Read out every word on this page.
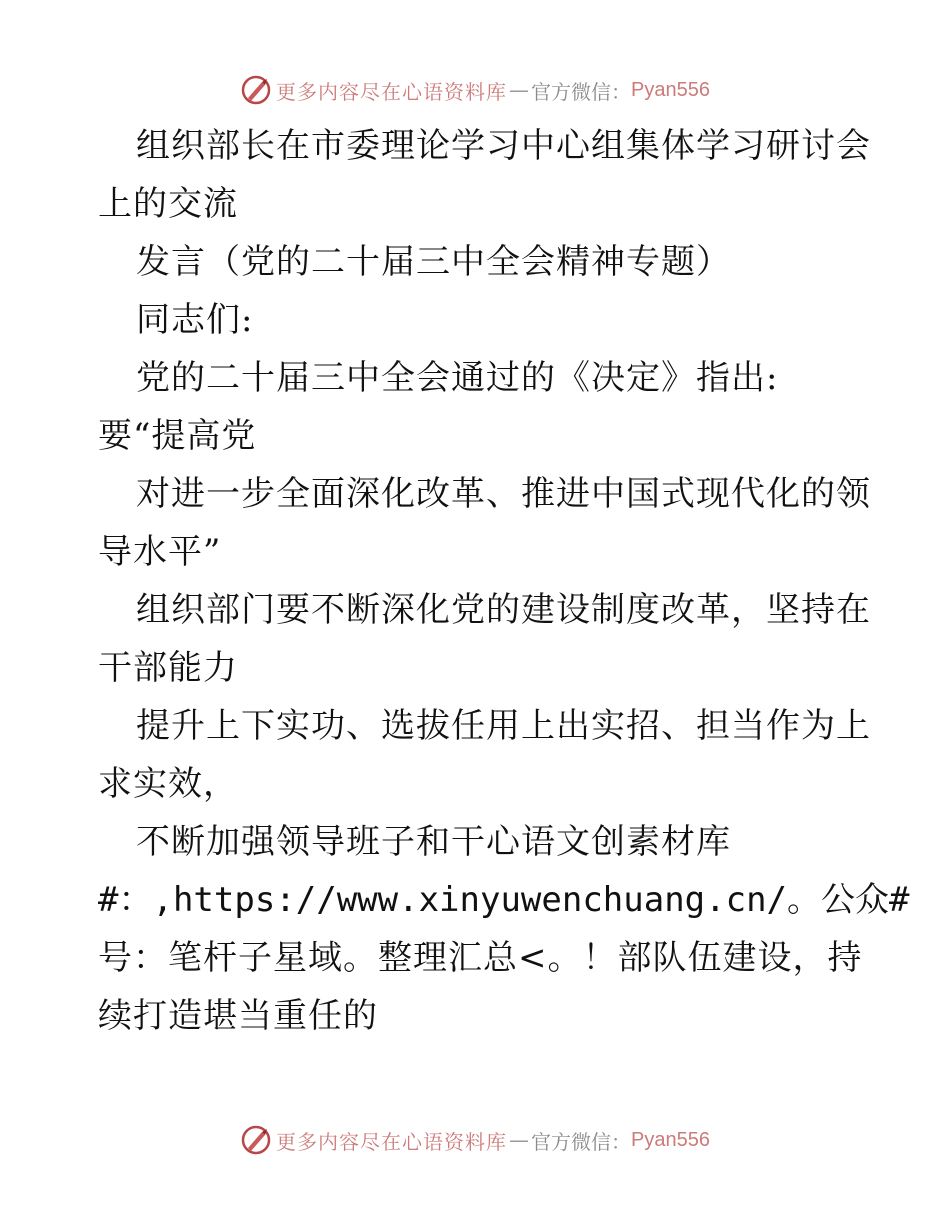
更多内容尽在心语资料库 — 官方微信： Pyan556
组织部长在市委理论学习中心组集体学习研讨会
上的交流
发言（党的二十届三中全会精神专题）
同志们:
党的二十届三中全会通过的《决定》指出:
要“提高党
对进一步全面深化改革、推进中国式现代化的领
导水平”
组织部门要不断深化党的建设制度改革，坚持在
干部能力
提升上下实功、选拔任用上出实招、担当作为上
求实效，
不断加强领导班子和干心语文创素材库
#：,https://www.xinyuwenchuang.cn/。公众#
号：笔杆子星域。整理汇总<。！部队伍建设，持
续打造堪当重任的
更多内容尽在心语资料库 — 官方微信： Pyan556
